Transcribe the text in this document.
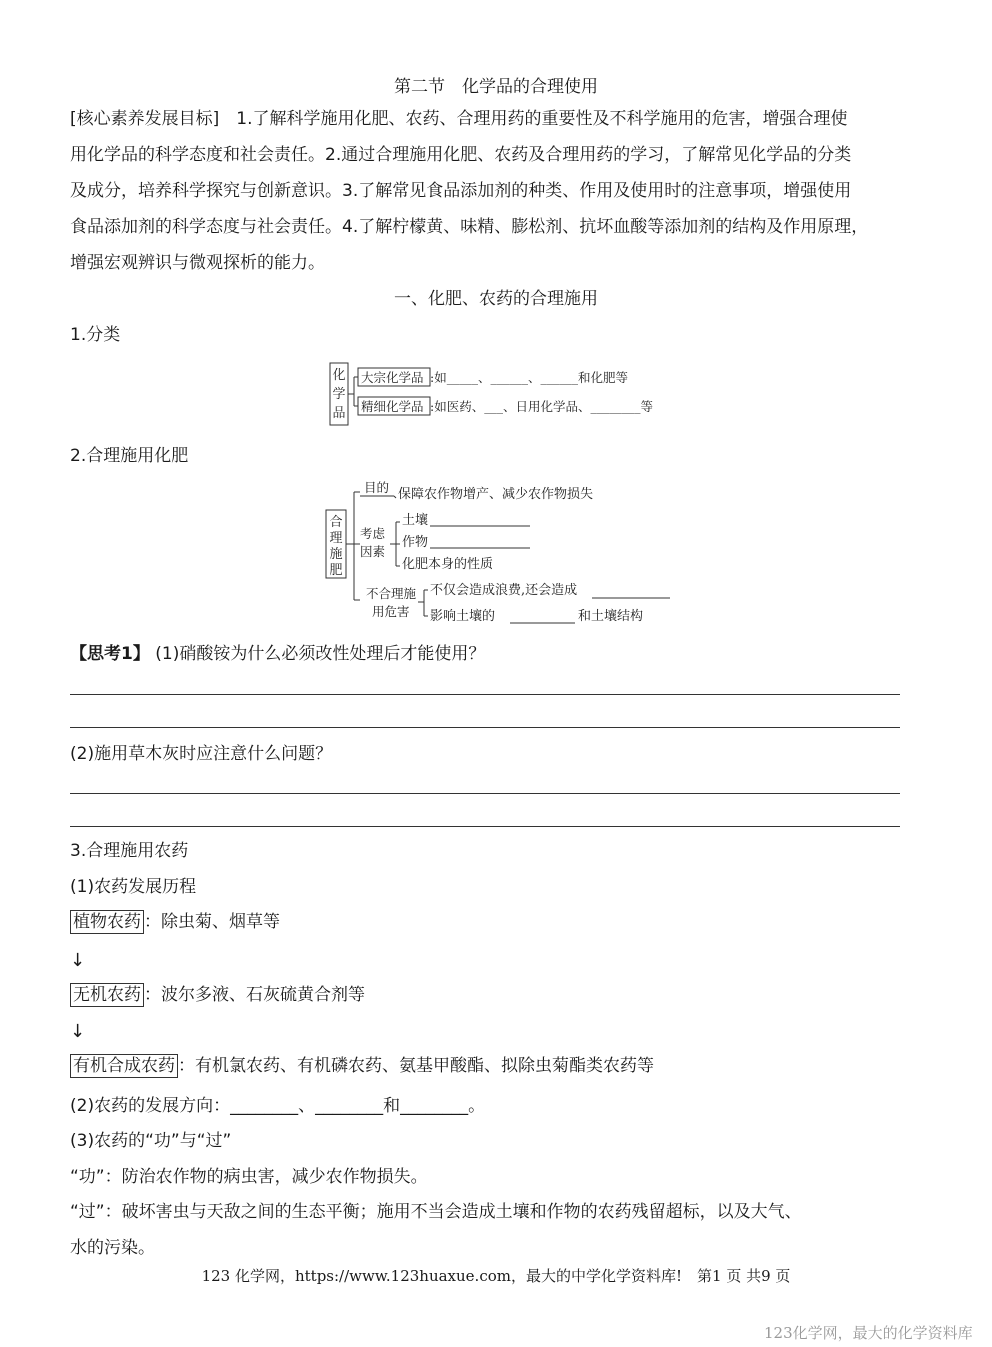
第二节　化学品的合理使用
[核心素养发展目标]　1.了解科学施用化肥、农药、合理用药的重要性及不科学施用的危害，增强合理使
用化学品的科学态度和社会责任。2.通过合理施用化肥、农药及合理用药的学习，了解常见化学品的分类
及成分，培养科学探究与创新意识。3.了解常见食品添加剂的种类、作用及使用时的注意事项，增强使用
食品添加剂的科学态度与社会责任。4.了解柠檬黄、味精、膨松剂、抗坏血酸等添加剂的结构及作用原理，
增强宏观辨识与微观探析的能力。
一、化肥、农药的合理施用
1.分类
化
学
品
大宗化学品 :如_____、______、______和化肥等
精细化学品 :如医药、___、日用化学品、________等
2.合理施用化肥
合
理
施
肥
目的 保障农作物增产、减少农作物损失
考虑
因素
土壤
作物
化肥本身的性质
不合理施
用危害
不仅会造成浪费,还会造成
影响土壤的	和土壤结构
【思考1】 (1)硝酸铵为什么必须改性处理后才能使用？
(2)施用草木灰时应注意什么问题？
3.合理施用农药
(1)农药发展历程
植物农药 ：除虫菊、烟草等
↓
无机农药 ：波尔多液、石灰硫黄合剂等
↓
有机合成农药 ：有机氯农药、有机磷农药、氨基甲酸酯、拟除虫菊酯类农药等
(2)农药的发展方向：________、________和________。
(3)农药的“功”与“过”
“功”：防治农作物的病虫害，减少农作物损失。
“过”：破坏害虫与天敌之间的生态平衡；施用不当会造成土壤和作物的农药残留超标，以及大气、
水的污染。
123 化学网，https://www.123huaxue.com，最大的中学化学资料库!　第1 页 共9 页
123化学网，最大的化学资料库
